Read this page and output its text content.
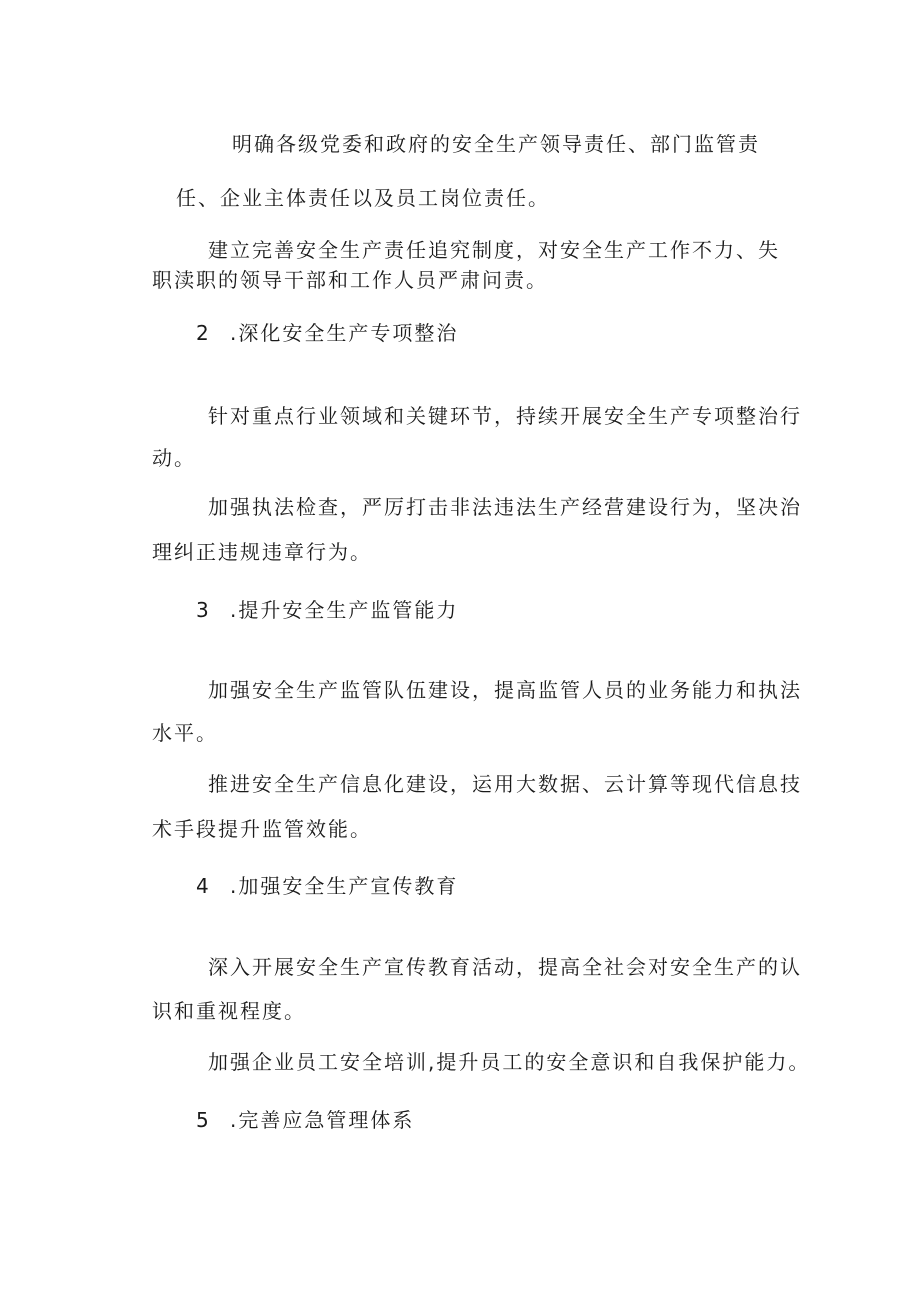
明确各级党委和政府的安全生产领导责任、部门监管责

任、企业主体责任以及员工岗位责任。

建立完善安全生产责任追究制度，对安全生产工作不力、失

职渎职的领导干部和工作人员严肃问责。

2 .深化安全生产专项整治

针对重点行业领域和关键环节，持续开展安全生产专项整治行

动。

加强执法检查，严厉打击非法违法生产经营建设行为，坚决治

理纠正违规违章行为。

3 .提升安全生产监管能力

加强安全生产监管队伍建设，提高监管人员的业务能力和执法

水平。

推进安全生产信息化建设，运用大数据、云计算等现代信息技

术手段提升监管效能。

4 .加强安全生产宣传教育

深入开展安全生产宣传教育活动，提高全社会对安全生产的认

识和重视程度。

加强企业员工安全培训,提升员工的安全意识和自我保护能力。

5 .完善应急管理体系
